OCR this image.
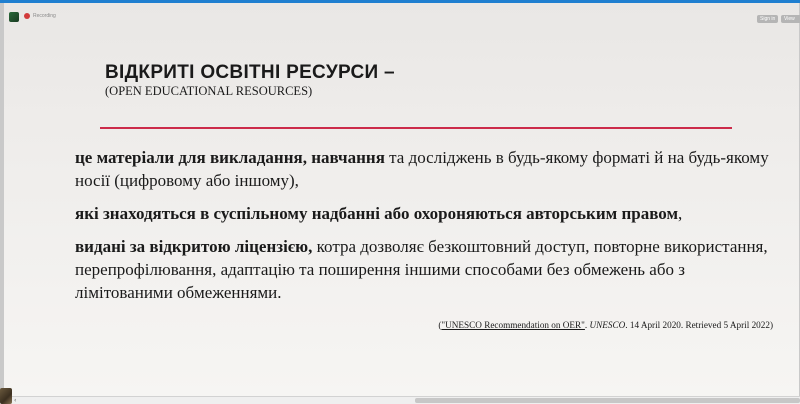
Recording	Sign in	View
ВІДКРИТІ ОСВІТНІ РЕСУРСИ –

(OPEN EDUCATIONAL RESOURCES)

це матеріали для викладання, навчання та досліджень в будь-якому форматі й на будь-якому носії (цифровому або іншому),

які знаходяться в суспільному надбанні або охороняються авторським правом,

видані за відкритою ліцензією, котра дозволяє безкоштовний доступ, повторне використання, перепрофілювання, адаптацію та поширення іншими способами без обмежень або з лімітованими обмеженнями.

("UNESCO Recommendation on OER". UNESCO. 14 April 2020. Retrieved 5 April 2022)
‹
